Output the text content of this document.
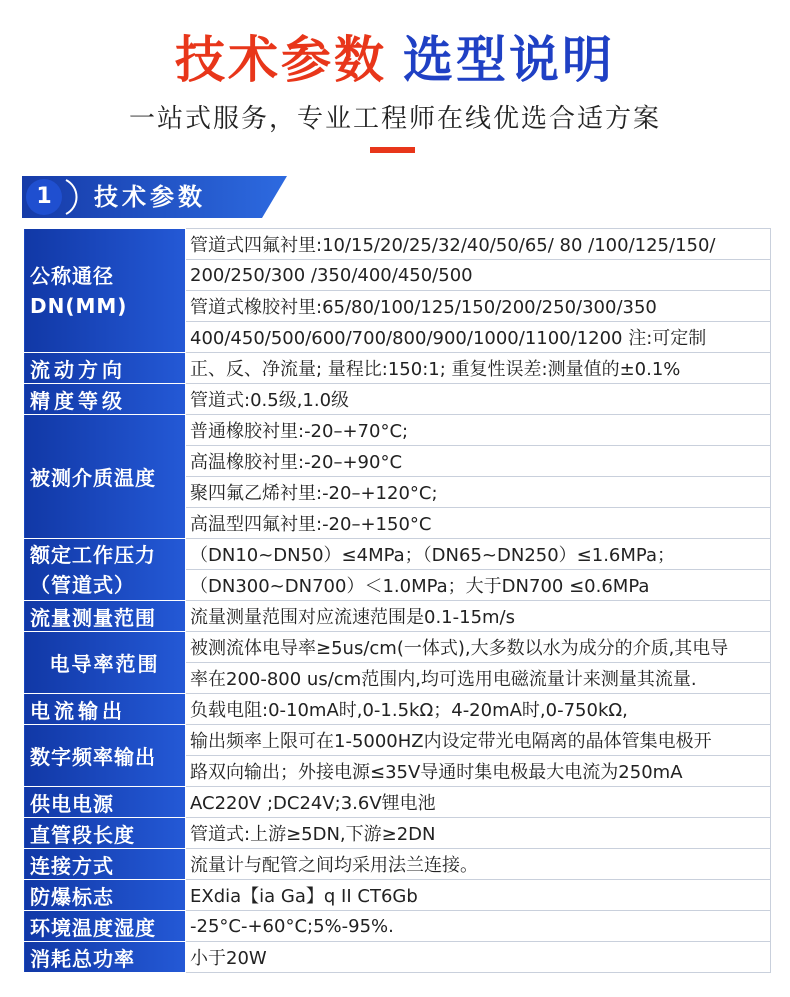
技术参数 选型说明
一站式服务，专业工程师在线优选合适方案
1	技术参数
公称通径
DN(MM)	管道式四氟衬里:10/15/20/25/32/40/50/65/ 80 /100/125/150/
	200/250/300 /350/400/450/500
	管道式橡胶衬里:65/80/100/125/150/200/250/300/350
	400/450/500/600/700/800/900/1000/1100/1200 注:可定制
流动方向	正、反、净流量; 量程比:150:1; 重复性误差:测量值的±0.1%
精度等级	管道式:0.5级,1.0级
被测介质温度	普通橡胶衬里:-20–+70°C;
	高温橡胶衬里:-20–+90°C
	聚四氟乙烯衬里:-20–+120°C;
	高温型四氟衬里:-20–+150°C

额定工作压力
（管道式）	（DN10~DN50）≤4MPa；（DN65~DN250）≤1.6MPa；
	（DN300~DN700）＜1.0MPa；大于DN700 ≤0.6MPa
流量测量范围	流量测量范围对应流速范围是0.1-15m/s
电导率范围	被测流体电导率≥5us/cm(一体式),大多数以水为成分的介质,其电导
	率在200-800 us/cm范围内,均可选用电磁流量计来测量其流量.
电流输出	负载电阻:0-10mA时,0-1.5kΩ；4-20mA时,0-750kΩ,
数字频率输出	输出频率上限可在1-5000HZ内设定带光电隔离的晶体管集电极开
	路双向输出；外接电源≤35V导通时集电极最大电流为250mA
供电电源	AC220V ;DC24V;3.6V锂电池
直管段长度	管道式:上游≥5DN,下游≥2DN
连接方式	流量计与配管之间均采用法兰连接。
防爆标志	EXdia【ia Ga】q II CT6Gb
环境温度湿度	-25°C-+60°C;5%-95%.
消耗总功率	小于20W
